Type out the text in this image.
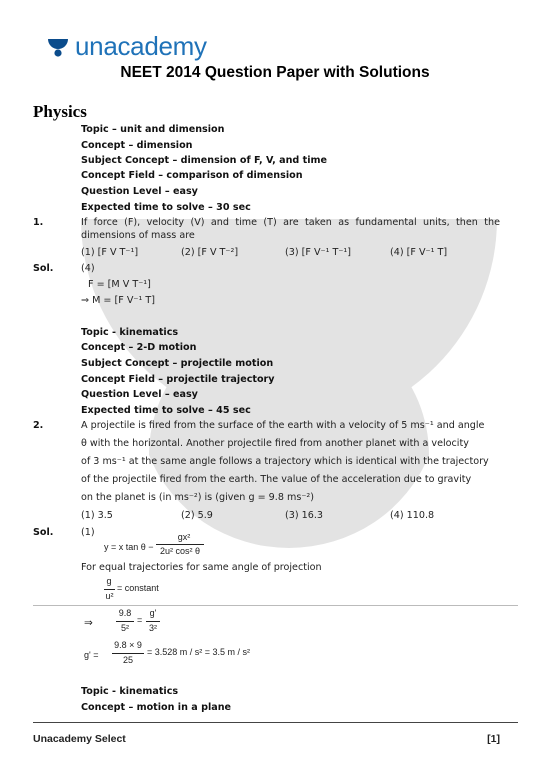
unacademy
NEET 2014 Question Paper with Solutions
Physics
Topic – unit and dimension
Concept – dimension
Subject Concept – dimension of F, V, and time
Concept Field – comparison of dimension
Question Level – easy
Expected time to solve – 30 sec
1.	If force (F), velocity (V) and time (T) are taken as fundamental units, then the
dimensions of mass are
(1) [F V T⁻¹]	(2) [F V T⁻²]	(3) [F V⁻¹ T⁻¹]	(4) [F V⁻¹ T]
Sol.	(4)
F = [M V T⁻¹]
⇒ M = [F V⁻¹ T]
Topic - kinematics
Concept – 2-D motion
Subject Concept – projectile motion
Concept Field – projectile trajectory
Question Level – easy
Expected time to solve – 45 sec
2.	A projectile is fired from the surface of the earth with a velocity of 5 ms⁻¹ and angle
θ with the horizontal. Another projectile fired from another planet with a velocity
of 3 ms⁻¹ at the same angle follows a trajectory which is identical with the trajectory
of the projectile fired from the earth. The value of the acceleration due to gravity
on the planet is (in ms⁻²) is (given g = 9.8 ms⁻²)
(1) 3.5	(2) 5.9	(3) 16.3	(4) 110.8
Sol.	(1)
y = x tan θ −
gx²
2u² cos² θ
For equal trajectories for same angle of projection
g
u²
= constant
⇒
9.8
5²
=
g'
3²
g' =
9.8 × 9
25
= 3.528 m / s² = 3.5 m / s²
Topic - kinematics
Concept – motion in a plane
Unacademy Select	[1]
